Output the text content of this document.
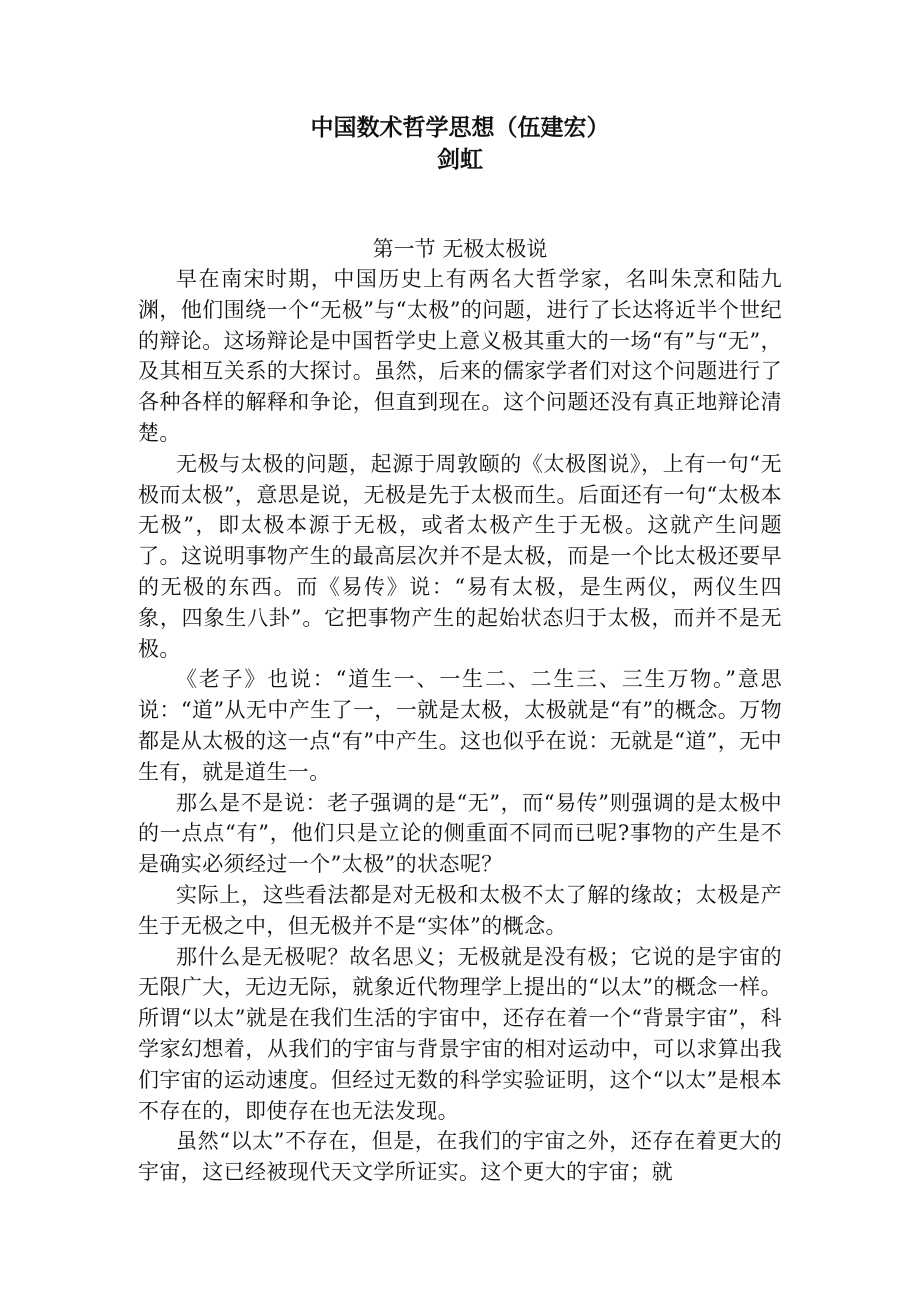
中国数术哲学思想（伍建宏）
剑虹
第一节 无极太极说

早在南宋时期，中国历史上有两名大哲学家，名叫朱烹和陆九渊，他们围绕一个“无极”与“太极”的问题，进行了长达将近半个世纪的辩论。这场辩论是中国哲学史上意义极其重大的一场“有”与“无”，及其相互关系的大探讨。虽然，后来的儒家学者们对这个问题进行了各种各样的解释和争论，但直到现在。这个问题还没有真正地辩论清楚。

无极与太极的问题，起源于周敦颐的《太极图说》，上有一句“无极而太极”，意思是说，无极是先于太极而生。后面还有一句“太极本无极”，即太极本源于无极，或者太极产生于无极。这就产生问题了。这说明事物产生的最高层次并不是太极，而是一个比太极还要早的无极的东西。而《易传》说：“易有太极，是生两仪，两仪生四象，四象生八卦”。它把事物产生的起始状态归于太极，而并不是无极。

《老子》也说：“道生一、一生二、二生三、三生万物。”意思说：“道”从无中产生了一，一就是太极，太极就是“有”的概念。万物都是从太极的这一点“有”中产生。这也似乎在说：无就是“道”，无中生有，就是道生一。

那么是不是说：老子强调的是“无”，而“易传”则强调的是太极中的一点点“有”，他们只是立论的侧重面不同而已呢?事物的产生是不是确实必须经过一个”太极”的状态呢？

实际上，这些看法都是对无极和太极不太了解的缘故；太极是产生于无极之中，但无极并不是“实体”的概念。

那什么是无极呢？故名思义；无极就是没有极；它说的是宇宙的无限广大，无边无际，就象近代物理学上提出的“以太”的概念一样。所谓“以太”就是在我们生活的宇宙中，还存在着一个“背景宇宙”，科学家幻想着，从我们的宇宙与背景宇宙的相对运动中，可以求算出我们宇宙的运动速度。但经过无数的科学实验证明，这个“以太”是根本不存在的，即使存在也无法发现。

虽然“以太”不存在，但是，在我们的宇宙之外，还存在着更大的宇宙，这已经被现代天文学所证实。这个更大的宇宙；就
